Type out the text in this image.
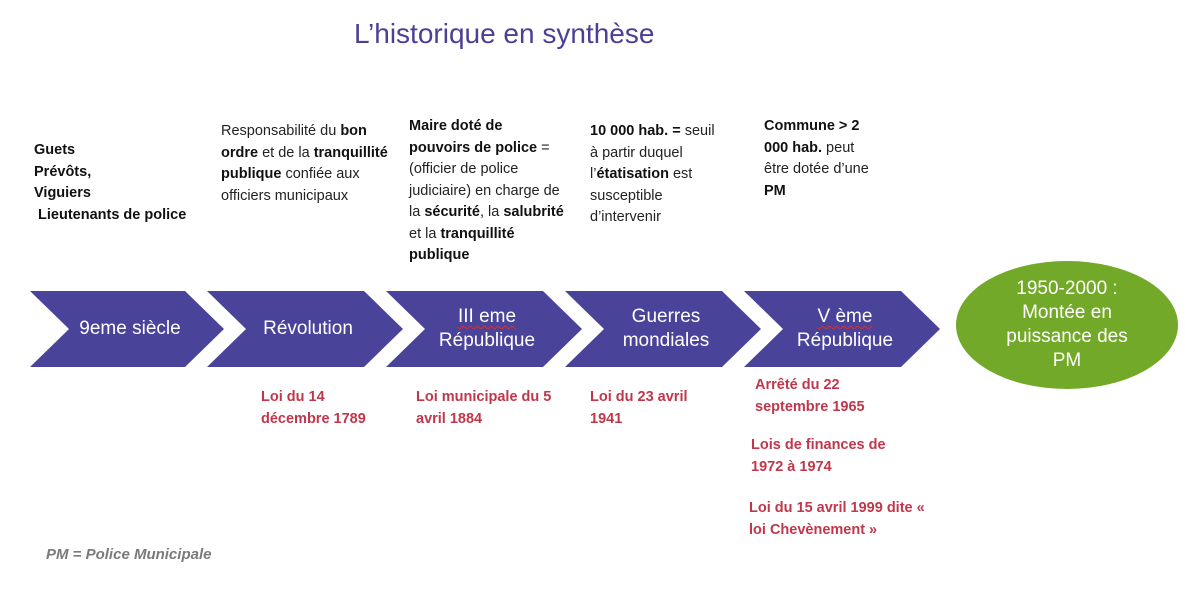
L’historique en synthèse
Guets
Prévôts,
Viguiers
Lieutenants de police
Responsabilité du bon ordre et de la tranquillité publique confiée aux officiers municipaux
Maire doté de pouvoirs de police = (officier de police judiciaire) en charge de la sécurité, la salubrité et la tranquillité publique
10 000 hab. = seuil à partir duquel l’étatisation est susceptible d’intervenir
Commune > 2 000 hab. peut être dotée d’une PM
9eme siècle	Révolution
III eme
République
Guerres
mondiales
V ème
République
1950-2000 :
Montée en
puissance des
PM
Loi du 14 décembre 1789
Loi municipale du 5 avril 1884
Loi du 23 avril 1941
Arrêté du 22 septembre 1965
Lois de finances de 1972 à 1974
Loi du 15 avril 1999 dite « loi Chevènement »
PM = Police Municipale
